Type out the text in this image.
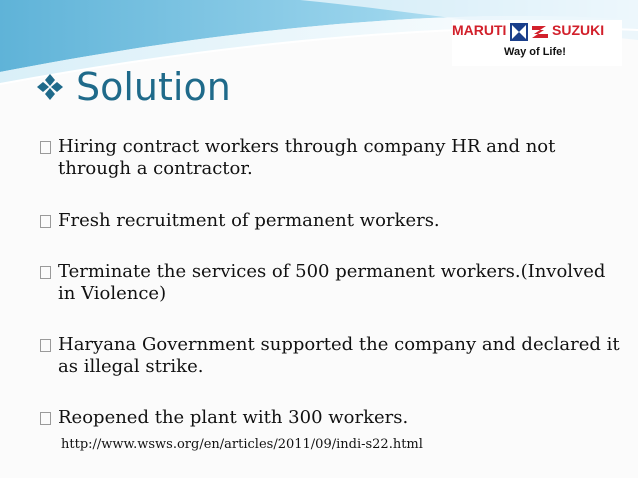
MARUTI	SUZUKI
Way of Life!
Solution
Hiring contract workers through company HR and not through a contractor.
Fresh recruitment of permanent workers.
Terminate the services of 500 permanent workers.(Involved in Violence)
Haryana Government supported the company and declared it as illegal strike.
Reopened the plant with 300 workers.
http://www.wsws.org/en/articles/2011/09/indi-s22.html
